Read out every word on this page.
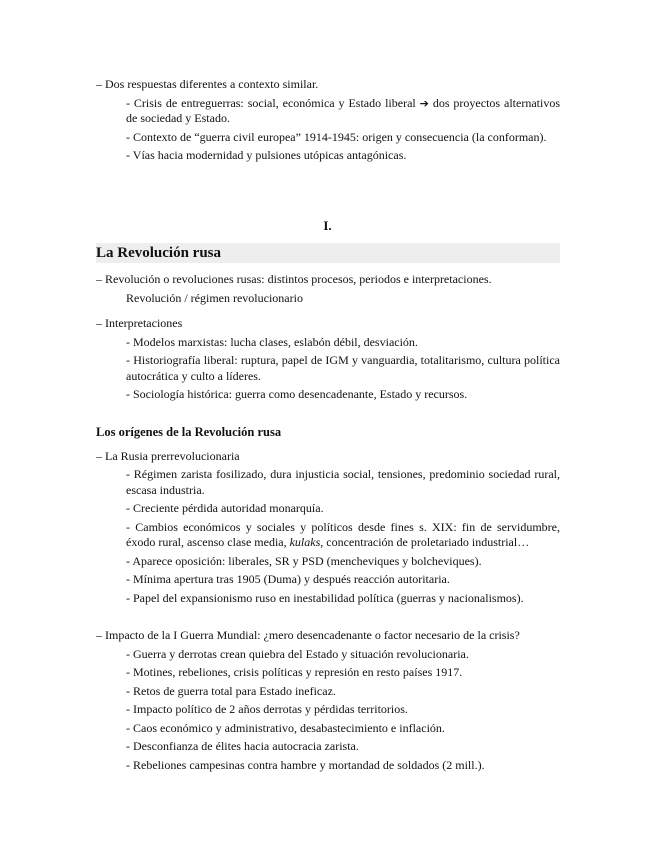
– Dos respuestas diferentes a contexto similar.
- Crisis de entreguerras: social, económica y Estado liberal ➔ dos proyectos alternativos de sociedad y Estado.
- Contexto de “guerra civil europea” 1914-1945: origen y consecuencia (la conforman).
- Vías hacia modernidad y pulsiones utópicas antagónicas.
I.
La Revolución rusa
– Revolución o revoluciones rusas: distintos procesos, periodos e interpretaciones.
Revolución / régimen revolucionario
– Interpretaciones
- Modelos marxistas: lucha clases, eslabón débil, desviación.
- Historiografía liberal: ruptura, papel de IGM y vanguardia, totalitarismo, cultura política autocrática y culto a líderes.
- Sociología histórica: guerra como desencadenante, Estado y recursos.
Los orígenes de la Revolución rusa
– La Rusia prerrevolucionaria
- Régimen zarista fosilizado, dura injusticia social, tensiones, predominio sociedad rural, escasa industria.
- Creciente pérdida autoridad monarquía.
- Cambios económicos y sociales y políticos desde fines s. XIX: fin de servidumbre, éxodo rural, ascenso clase media, kulaks, concentración de proletariado industrial…
- Aparece oposición: liberales, SR y PSD (mencheviques y bolcheviques).
- Mínima apertura tras 1905 (Duma) y después reacción autoritaria.
- Papel del expansionismo ruso en inestabilidad política (guerras y nacionalismos).
– Impacto de la I Guerra Mundial: ¿mero desencadenante o factor necesario de la crisis?
- Guerra y derrotas crean quiebra del Estado y situación revolucionaria.
- Motines, rebeliones, crisis políticas y represión en resto países 1917.
- Retos de guerra total para Estado ineficaz.
- Impacto político de 2 años derrotas y pérdidas territorios.
- Caos económico y administrativo, desabastecimiento e inflación.
- Desconfianza de élites hacia autocracia zarista.
- Rebeliones campesinas contra hambre y mortandad de soldados (2 mill.).
